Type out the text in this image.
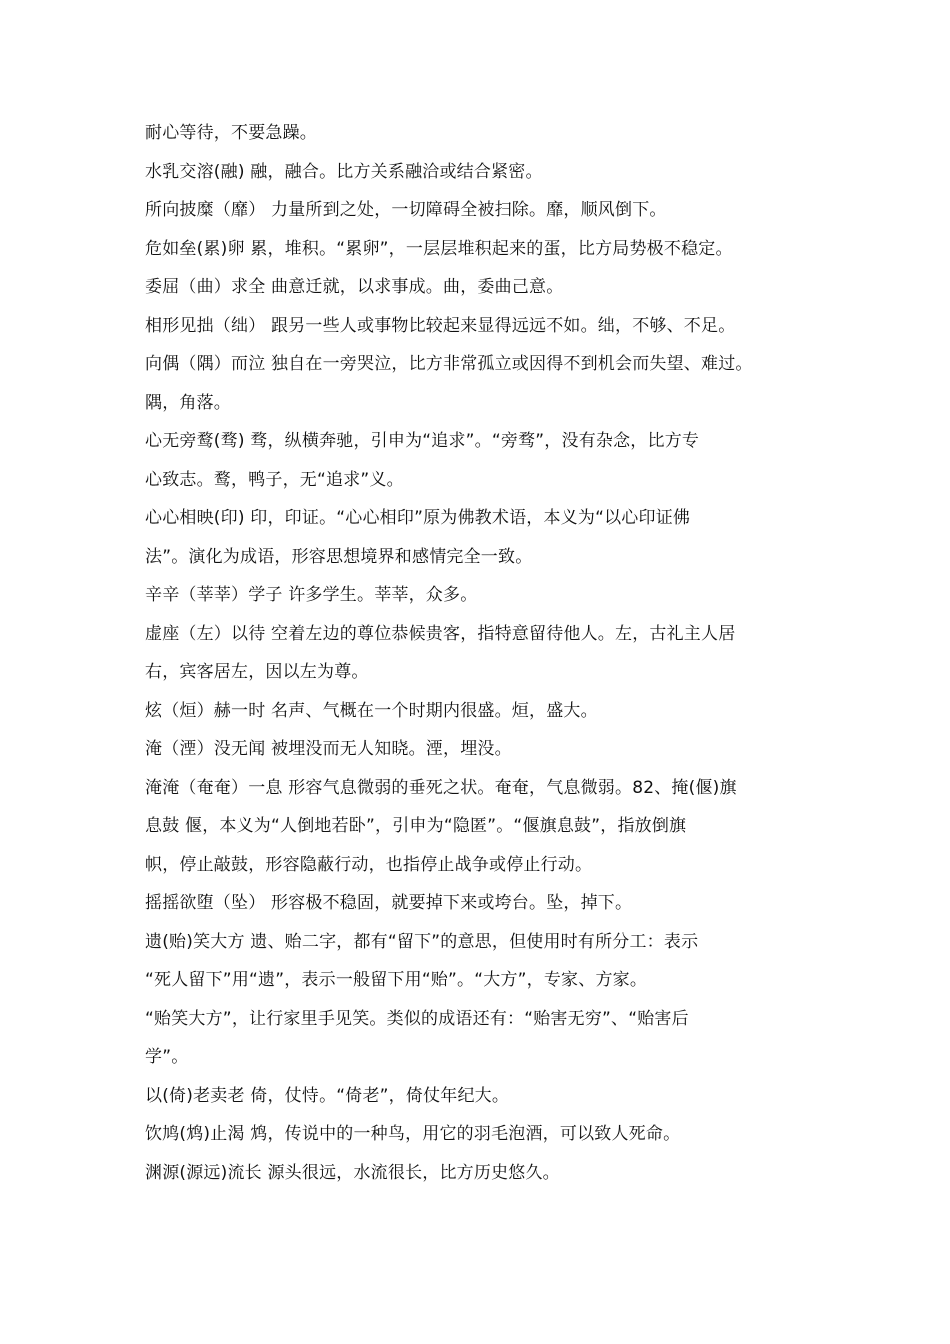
耐心等待，不要急躁。
水乳交溶(融) 融，融合。比方关系融洽或结合紧密。
所向披糜（靡） 力量所到之处，一切障碍全被扫除。靡，顺风倒下。
危如垒(累)卵 累，堆积。“累卵”，一层层堆积起来的蛋，比方局势极不稳定。
委屈（曲）求全 曲意迁就，以求事成。曲，委曲己意。
相形见拙（绌） 跟另一些人或事物比较起来显得远远不如。绌，不够、不足。
向偶（隅）而泣 独自在一旁哭泣，比方非常孤立或因得不到机会而失望、难过。
隅，角落。
心无旁鹜(骛) 骛，纵横奔驰，引申为“追求”。“旁骛”，没有杂念，比方专
心致志。鹜，鸭子，无“追求”义。
心心相映(印) 印，印证。“心心相印”原为佛教术语，本义为“以心印证佛
法”。演化为成语，形容思想境界和感情完全一致。
辛辛（莘莘）学子 许多学生。莘莘，众多。
虚座（左）以待 空着左边的尊位恭候贵客，指特意留待他人。左，古礼主人居
右，宾客居左，因以左为尊。
炫（烜）赫一时 名声、气概在一个时期内很盛。烜，盛大。
淹（湮）没无闻 被埋没而无人知晓。湮，埋没。
淹淹（奄奄）一息 形容气息微弱的垂死之状。奄奄，气息微弱。82、掩(偃)旗
息鼓 偃，本义为“人倒地若卧”，引申为“隐匿”。“偃旗息鼓”，指放倒旗
帜，停止敲鼓，形容隐蔽行动，也指停止战争或停止行动。
摇摇欲堕（坠） 形容极不稳固，就要掉下来或垮台。坠，掉下。
遗(贻)笑大方 遗、贻二字，都有“留下”的意思，但使用时有所分工：表示
“死人留下”用“遗”，表示一般留下用“贻”。“大方”，专家、方家。
“贻笑大方”，让行家里手见笑。类似的成语还有：“贻害无穷”、“贻害后
学”。
以(倚)老卖老 倚，仗恃。“倚老”，倚仗年纪大。
饮鸠(鸩)止渴 鸩，传说中的一种鸟，用它的羽毛泡酒，可以致人死命。
渊源(源远)流长 源头很远，水流很长，比方历史悠久。
